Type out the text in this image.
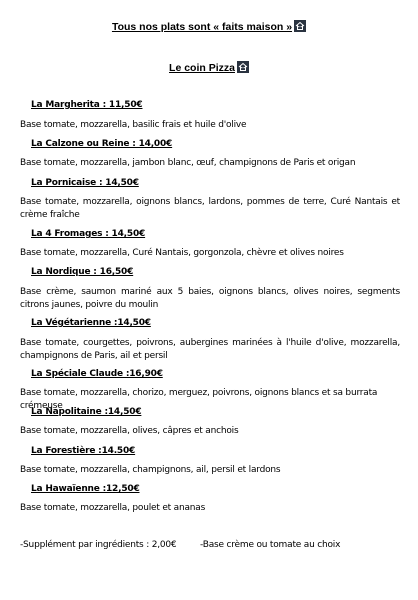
Tous nos plats sont « faits maison »
Le coin Pizza
La Margherita : 11,50€
Base tomate, mozzarella, basilic frais et huile d'olive
La Calzone ou Reine : 14,00€
Base tomate, mozzarella, jambon blanc, œuf, champignons de Paris et origan
La Pornicaise : 14,50€
Base tomate, mozzarella, oignons blancs, lardons, pommes de terre, Curé Nantais et crème fraîche
La 4 Fromages : 14,50€
Base tomate, mozzarella, Curé Nantais, gorgonzola, chèvre et olives noires
La Nordique : 16,50€
Base crème, saumon mariné aux 5 baies, oignons blancs, olives noires, segments citrons jaunes, poivre du moulin
La Végétarienne :14,50€
Base tomate, courgettes, poivrons, aubergines marinées à l'huile d'olive, mozzarella, champignons de Paris, ail et persil
La Spéciale Claude :16,90€
Base tomate, mozzarella, chorizo, merguez, poivrons, oignons blancs et sa burrata crémeuse
La Napolitaine :14,50€
Base tomate, mozzarella, olives, câpres et anchois
La Forestière :14.50€
Base tomate, mozzarella, champignons, ail, persil et lardons
La Hawaïenne :12,50€
Base tomate, mozzarella, poulet et ananas
-Supplément par ingrédients : 2,00€	-Base crème ou tomate au choix
